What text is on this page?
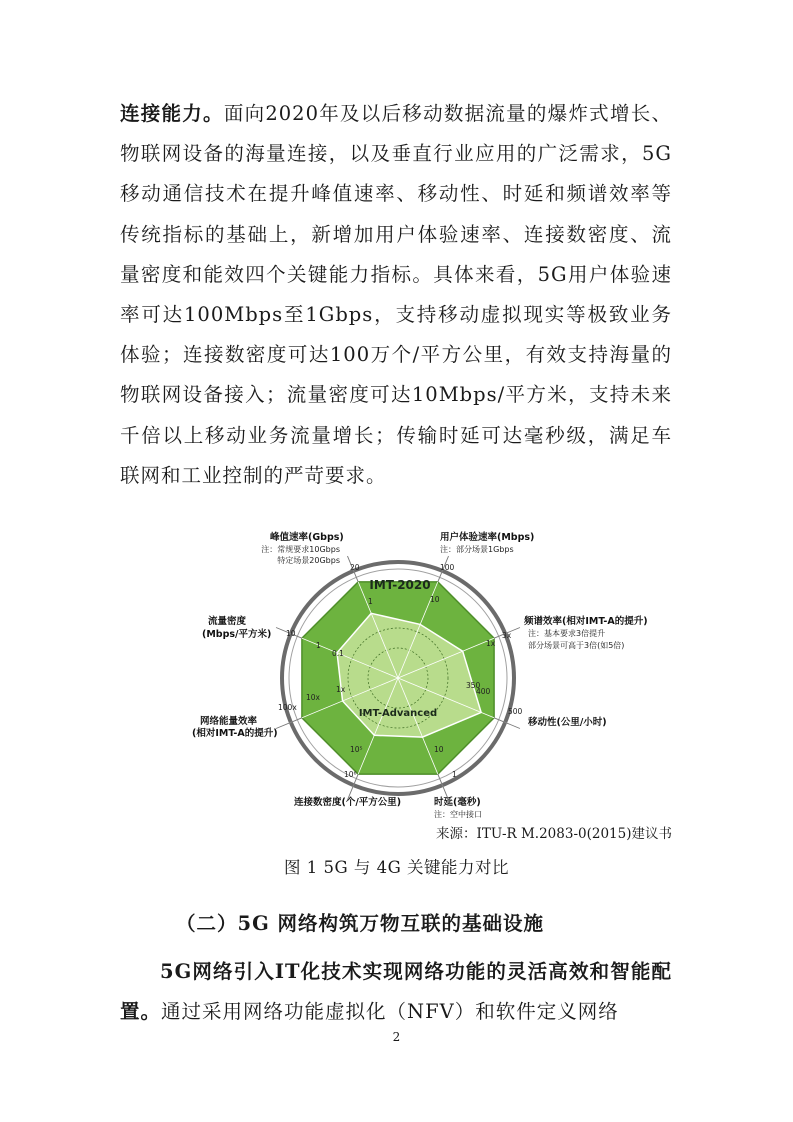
连接能力。面向2020年及以后移动数据流量的爆炸式增长、物联网设备的海量连接，以及垂直行业应用的广泛需求，5G移动通信技术在提升峰值速率、移动性、时延和频谱效率等传统指标的基础上，新增加用户体验速率、连接数密度、流量密度和能效四个关键能力指标。具体来看，5G用户体验速率可达100Mbps至1Gbps，支持移动虚拟现实等极致业务体验；连接数密度可达100万个/平方公里，有效支持海量的物联网设备接入；流量密度可达10Mbps/平方米，支持未来千倍以上移动业务流量增长；传输时延可达毫秒级，满足车联网和工业控制的严苛要求。

IMT-2020
IMT-Advanced
峰值速率(Gbps)
注：常规要求10Gbps
特定场景20Gbps
用户体验速率(Mbps)
注：部分场景1Gbps
频谱效率(相对IMT-A的提升)
注：基本要求3倍提升
部分场景可高于3倍(如5倍)
移动性(公里/小时)
时延(毫秒)
注：空中接口
连接数密度(个/平方公里)
网络能量效率
(相对IMT-A的提升)
流量密度
(Mbps/平方米)
20
1
100
10
3x
1x
500
400
350
1
10
10⁶
10⁵
100x
10x
1x
10
1
0.1
来源：ITU-R M.2083-0(2015)建议书
图 1 5G 与 4G 关键能力对比

（二）5G 网络构筑万物互联的基础设施

5G网络引入IT化技术实现网络功能的灵活高效和智能配置。通过采用网络功能虚拟化（NFV）和软件定义网络

2
